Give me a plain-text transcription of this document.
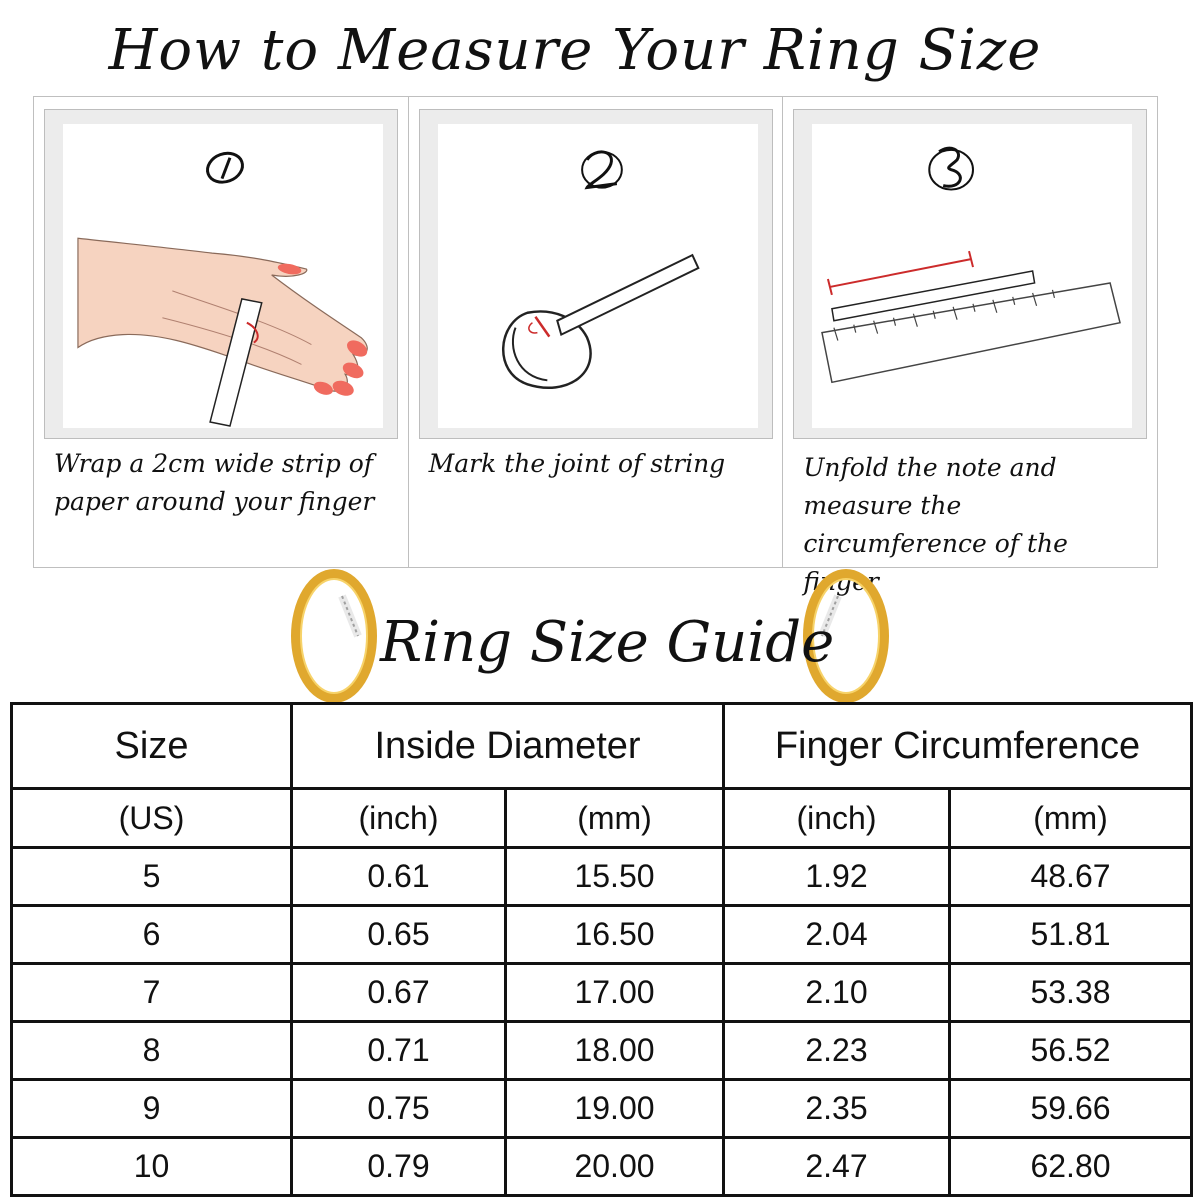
How to Measure Your Ring Size
Wrap a 2cm wide strip of paper around your finger
Mark the joint of string	Unfold the note and measure the circumference of the finger
Ring Size Guide
Size	Inside Diameter		Finger Circumference	
(US)	(inch)	(mm)	(inch)	(mm)
5	0.61	15.50	1.92	48.67
6	0.65	16.50	2.04	51.81
7	0.67	17.00	2.10	53.38
8	0.71	18.00	2.23	56.52
9	0.75	19.00	2.35	59.66
10	0.79	20.00	2.47	62.80
